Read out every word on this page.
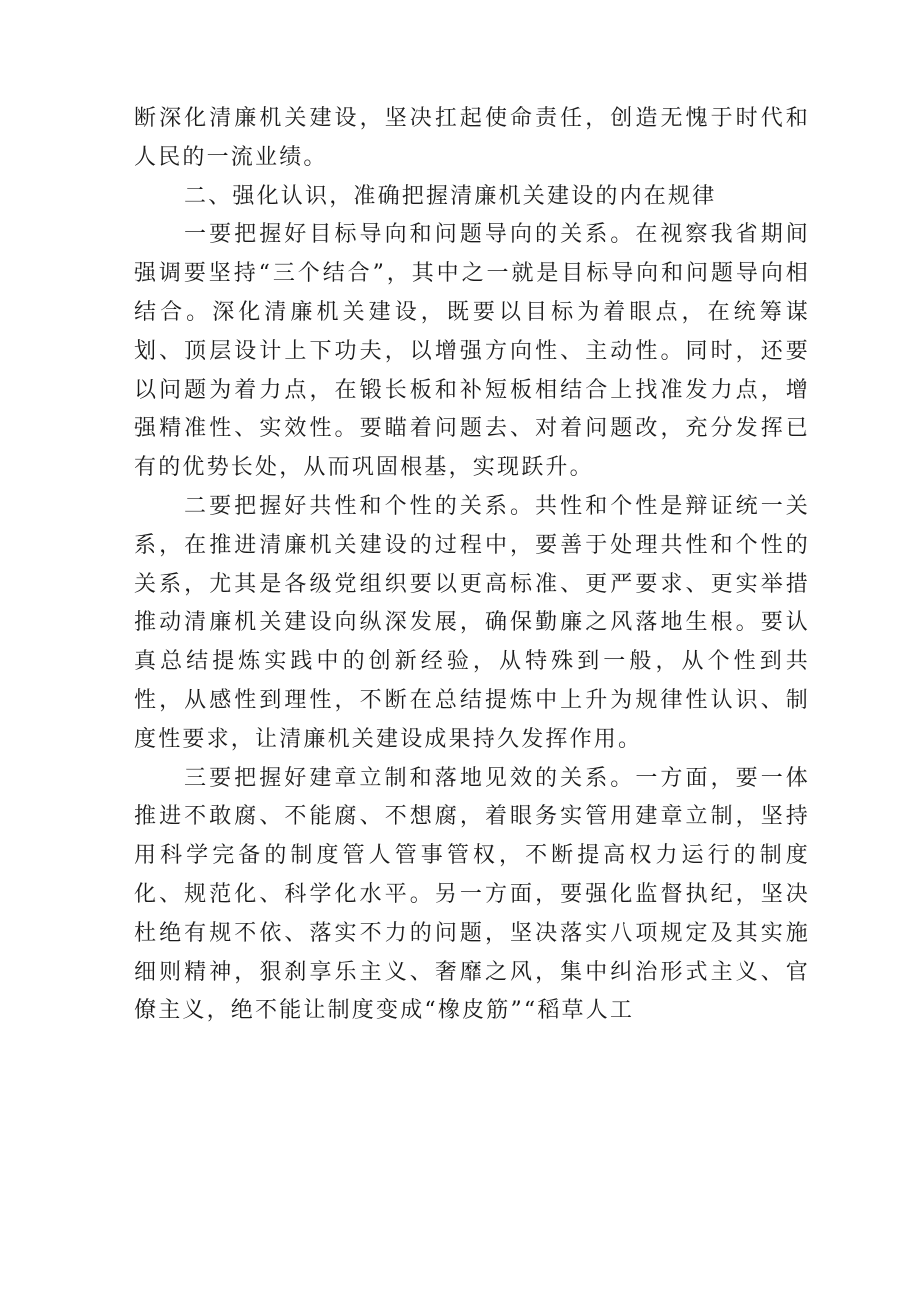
断深化清廉机关建设，坚决扛起使命责任，创造无愧于时代和人民的一流业绩。

二、强化认识，准确把握清廉机关建设的内在规律

一要把握好目标导向和问题导向的关系。在视察我省期间强调要坚持“三个结合”，其中之一就是目标导向和问题导向相结合。深化清廉机关建设，既要以目标为着眼点，在统筹谋划、顶层设计上下功夫，以增强方向性、主动性。同时，还要以问题为着力点，在锻长板和补短板相结合上找准发力点，增强精准性、实效性。要瞄着问题去、对着问题改，充分发挥已有的优势长处，从而巩固根基，实现跃升。

二要把握好共性和个性的关系。共性和个性是辩证统一关系，在推进清廉机关建设的过程中，要善于处理共性和个性的关系，尤其是各级党组织要以更高标准、更严要求、更实举措推动清廉机关建设向纵深发展，确保勤廉之风落地生根。要认真总结提炼实践中的创新经验，从特殊到一般，从个性到共性，从感性到理性，不断在总结提炼中上升为规律性认识、制度性要求，让清廉机关建设成果持久发挥作用。

三要把握好建章立制和落地见效的关系。一方面，要一体推进不敢腐、不能腐、不想腐，着眼务实管用建章立制，坚持用科学完备的制度管人管事管权，不断提高权力运行的制度化、规范化、科学化水平。另一方面，要强化监督执纪，坚决杜绝有规不依、落实不力的问题，坚决落实八项规定及其实施细则精神，狠刹享乐主义、奢靡之风，集中纠治形式主义、官僚主义，绝不能让制度变成“橡皮筋”“稻草人工
